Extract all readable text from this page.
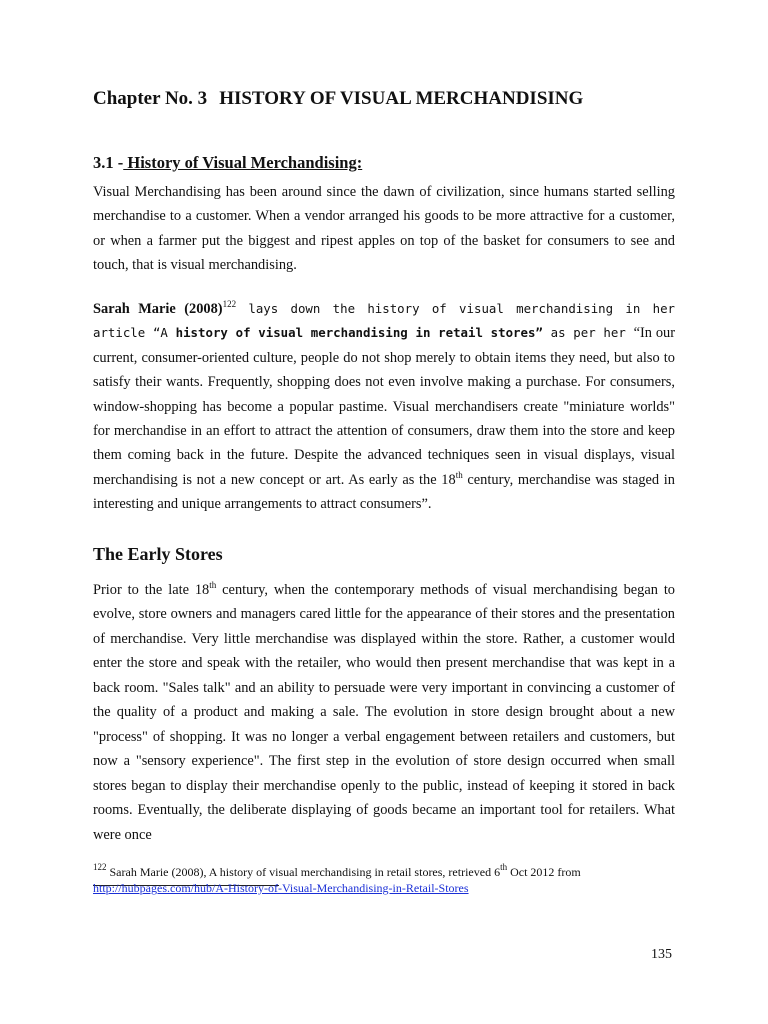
Chapter No. 3 HISTORY OF VISUAL MERCHANDISING
3.1 - History of Visual Merchandising:

Visual Merchandising has been around since the dawn of civilization, since humans started selling merchandise to a customer. When a vendor arranged his goods to be more attractive for a customer, or when a farmer put the biggest and ripest apples on top of the basket for consumers to see and touch, that is visual merchandising.

Sarah Marie $(2008)^{122}$ lays down the history of visual merchandising in her article “A history of visual merchandising in retail stores” as per her “In our current, consumer-oriented culture, people do not shop merely to obtain items they need, but also to satisfy their wants. Frequently, shopping does not even involve making a purchase. For consumers, window-shopping has become a popular pastime. Visual merchandisers create "miniature worlds" for merchandise in an effort to attract the attention of consumers, draw them into the store and keep them coming back in the future. Despite the advanced techniques seen in visual displays, visual merchandising is not a new concept or art. As early as the 18th century, merchandise was staged in interesting and unique arrangements to attract consumers”.

The Early Stores

Prior to the late 18th century, when the contemporary methods of visual merchandising began to evolve, store owners and managers cared little for the appearance of their stores and the presentation of merchandise. Very little merchandise was displayed within the store. Rather, a customer would enter the store and speak with the retailer, who would then present merchandise that was kept in a back room. "Sales talk" and an ability to persuade were very important in convincing a customer of the quality of a product and making a sale. The evolution in store design brought about a new "process" of shopping. It was no longer a verbal engagement between retailers and customers, but now a "sensory experience". The first step in the evolution of store design occurred when small stores began to display their merchandise openly to the public, instead of keeping it stored in back rooms. Eventually, the deliberate displaying of goods became an important tool for retailers. What were once

$^{122}$ Sarah Marie (2008), A history of visual merchandising in retail stores, retrieved 6th Oct 2012 from
http://hubpages.com/hub/A-History-of-Visual-Merchandising-in-Retail-Stores
135
